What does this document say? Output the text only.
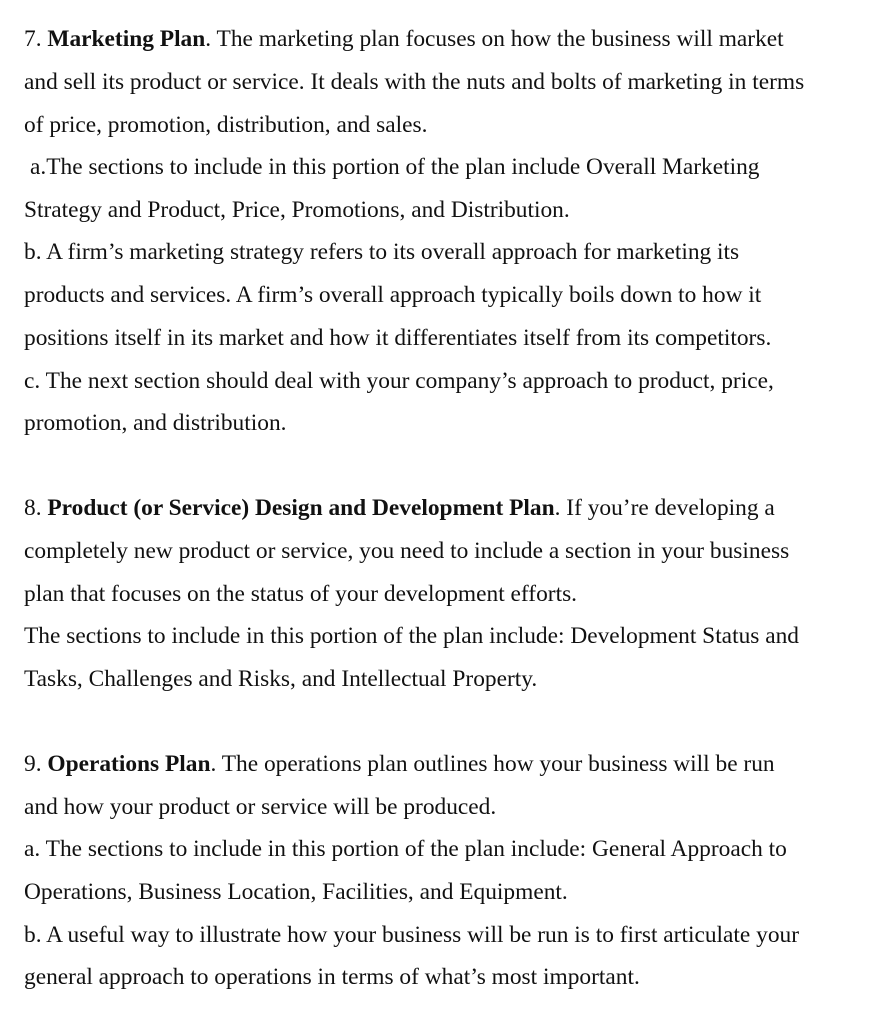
7. Marketing Plan. The marketing plan focuses on how the business will market
and sell its product or service. It deals with the nuts and bolts of marketing in terms
of price, promotion, distribution, and sales.
a.The sections to include in this portion of the plan include Overall Marketing
Strategy and Product, Price, Promotions, and Distribution.
b. A firm’s marketing strategy refers to its overall approach for marketing its
products and services. A firm’s overall approach typically boils down to how it
positions itself in its market and how it differentiates itself from its competitors.
c. The next section should deal with your company’s approach to product, price,
promotion, and distribution.
8. Product (or Service) Design and Development Plan. If you’re developing a
completely new product or service, you need to include a section in your business
plan that focuses on the status of your development efforts.
The sections to include in this portion of the plan include: Development Status and
Tasks, Challenges and Risks, and Intellectual Property.
9. Operations Plan. The operations plan outlines how your business will be run
and how your product or service will be produced.
a. The sections to include in this portion of the plan include: General Approach to
Operations, Business Location, Facilities, and Equipment.
b. A useful way to illustrate how your business will be run is to first articulate your
general approach to operations in terms of what’s most important.
